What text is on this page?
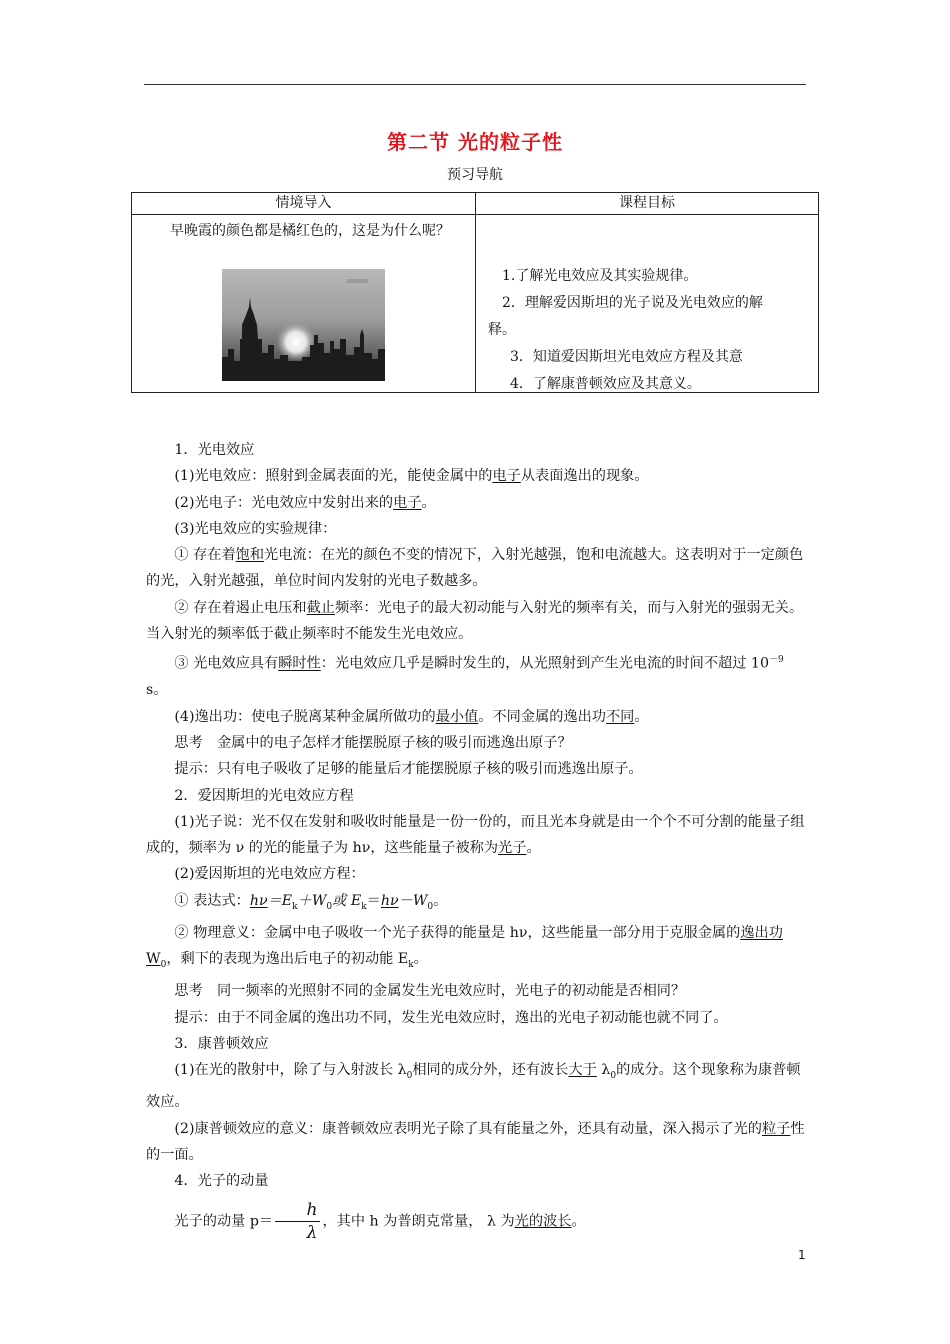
第二节 光的粒子性
预习导航
情境导入	课程目标

早晚霞的颜色都是橘红色的，这是为什么呢？	1.了解光电效应及其实验规律。
2．理解爱因斯坦的光子说及光电效应的解
释。
3．知道爱因斯坦光电效应方程及其意
4．了解康普顿效应及其意义。

1．光电效应

(1)光电效应：照射到金属表面的光，能使金属中的电子从表面逸出的现象。

(2)光电子：光电效应中发射出来的电子。

(3)光电效应的实验规律：

① 存在着饱和光电流：在光的颜色不变的情况下，入射光越强，饱和电流越大。这表明对于一定颜色的光，入射光越强，单位时间内发射的光电子数越多。

② 存在着遏止电压和截止频率：光电子的最大初动能与入射光的频率有关，而与入射光的强弱无关。当入射光的频率低于截止频率时不能发生光电效应。

③ 光电效应具有瞬时性：光电效应几乎是瞬时发生的，从光照射到产生光电流的时间不超过 $10^{-9}$ s。

(4)逸出功：使电子脱离某种金属所做功的最小值。不同金属的逸出功不同。

思考　金属中的电子怎样才能摆脱原子核的吸引而逃逸出原子？

提示：只有电子吸收了足够的能量后才能摆脱原子核的吸引而逃逸出原子。

2．爱因斯坦的光电效应方程

(1)光子说：光不仅在发射和吸收时能量是一份一份的，而且光本身就是由一个个不可分割的能量子组成的，频率为 ν 的光的能量子为 hν，这些能量子被称为光子。

(2)爱因斯坦的光电效应方程：

① 表达式：$h\nu=E_k+W_0$或 $E_k=h\nu-W_0$。

② 物理意义：金属中电子吸收一个光子获得的能量是 hν，这些能量一部分用于克服金属的逸出功 $W_0$，剩下的表现为逸出后电子的初动能 $E_k$。

思考　同一频率的光照射不同的金属发生光电效应时，光电子的初动能是否相同？

提示：由于不同金属的逸出功不同，发生光电效应时，逸出的光电子初动能也就不同了。

3．康普顿效应

(1)在光的散射中，除了与入射波长 $\lambda_0$相同的成分外，还有波长大于 $\lambda_0$的成分。这个现象称为康普顿效应。

(2)康普顿效应的意义：康普顿效应表明光子除了具有能量之外，还具有动量，深入揭示了光的粒子性的一面。

4．光子的动量

光子的动量 $p= \frac{h}{\lambda}$ ，其中 h 为普朗克常量， λ 为光的波长。

1
